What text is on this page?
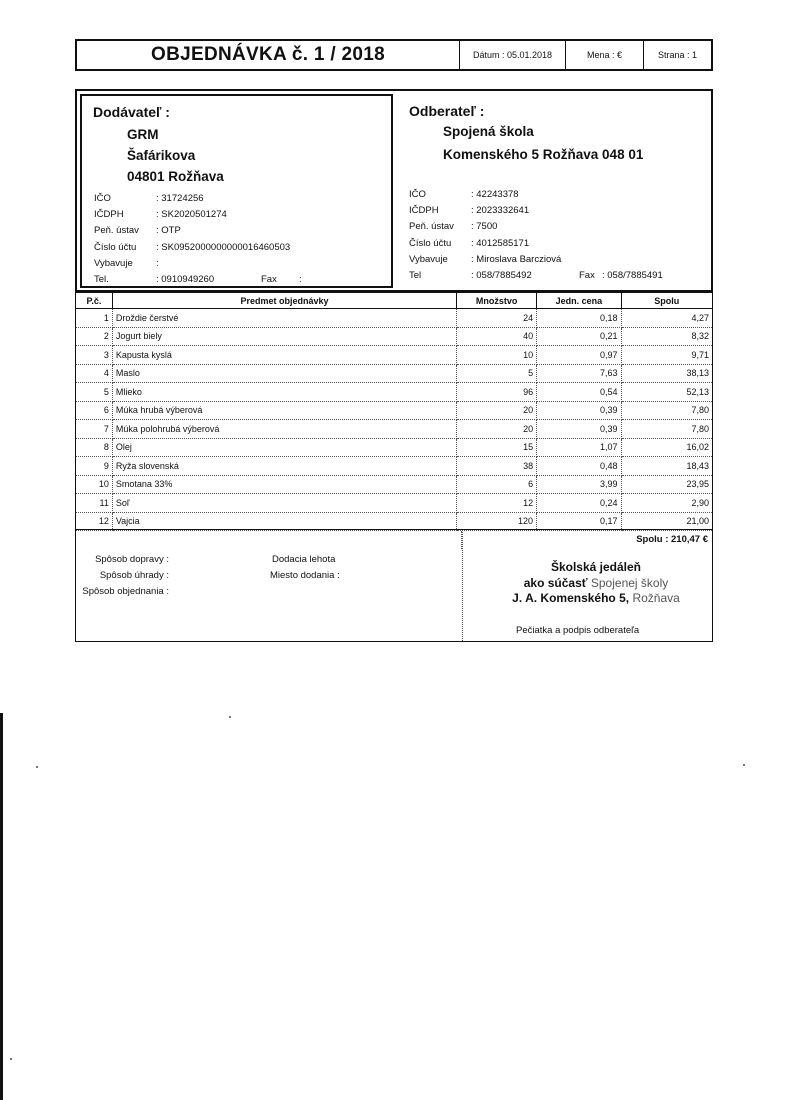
OBJEDNÁVKA č. 1 / 2018	Dátum : 05.01.2018	Mena : €	Strana : 1
Dodávateľ :
GRM
Šafárikova
04801 Rožňava
IČO	: 31724256
IČDPH	: SK2020501274
Peň. ústav : OTP
Číslo účtu : SK0952000000000016460503
Vybavuje :
Tel.	: 0910949260	Fax :
Odberateľ :
Spojená škola
Komenského 5 Rožňava 048 01
IČO	: 42243378
IČDPH	: 2023332641
Peň. ústav : 7500
Číslo účtu : 4012585171
Vybavuje : Miroslava Barcziová
Tel	: 058/7885492	Fax : 058/7885491
P.č.	Predmet objednávky	Množstvo	Jedn. cena	Spolu
1	Droždie čerstvé	24	0,18	4,27
2	Jogurt biely	40	0,21	8,32
3	Kapusta kyslá	10	0,97	9,71
4	Maslo	5	7,63	38,13
5	Mlieko	96	0,54	52,13
6	Múka hrubá výberová	20	0,39	7,80
7	Múka polohrubá výberová	20	0,39	7,80
8	Olej	15	1,07	16,02
9	Ryža slovenská	38	0,48	18,43
10	Smotana 33%	6	3,99	23,95
11	Soľ	12	0,24	2,90
12	Vajcia	120	0,17	21,00
Spolu : 210,47 €
Spôsob dopravy :
Spôsob úhrady :
Spôsob objednania :
Dodacia lehota
Miesto dodania :
Školská jedáleň
ako súčasť Spojenej školy
J. A. Komenského 5, Rožňava
Pečiatka a podpis odberateľa
